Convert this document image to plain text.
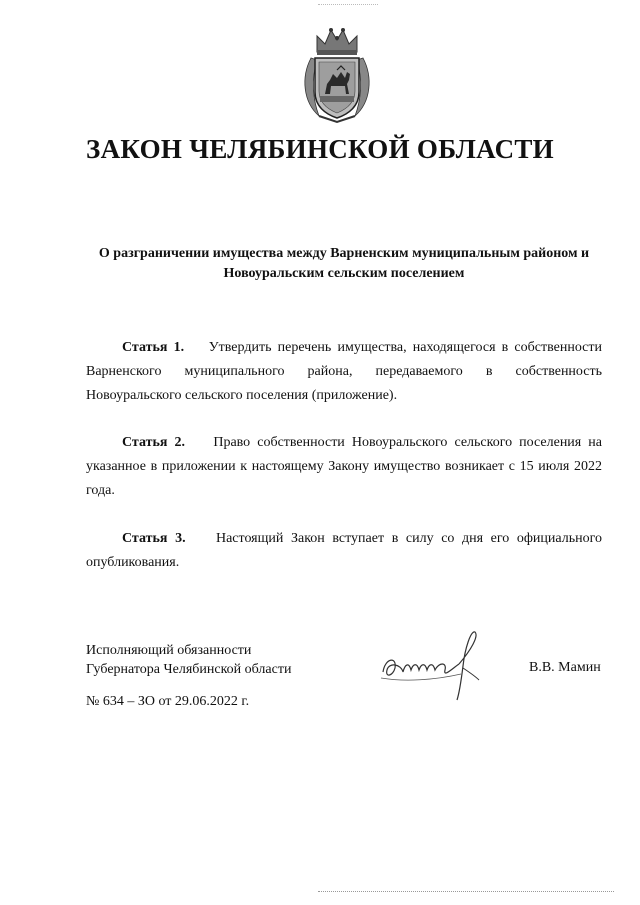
ЗАКОН ЧЕЛЯБИНСКОЙ ОБЛАСТИ

О разграничении имущества между Варненским муниципальным районом и
Новоуральским сельским поселением

Статья 1. Утвердить перечень имущества, находящегося в собственности Варненского муниципального района, передаваемого в собственность Новоуральского сельского поселения (приложение).

Статья 2. Право собственности Новоуральского сельского поселения на указанное в приложении к настоящему Закону имущество возникает с 15 июля 2022 года.

Статья 3. Настоящий Закон вступает в силу со дня его официального опубликования.

Исполняющий обязанности
Губернатора Челябинской области	В.В. Мамин
№ 634 – ЗО от 29.06.2022 г.
